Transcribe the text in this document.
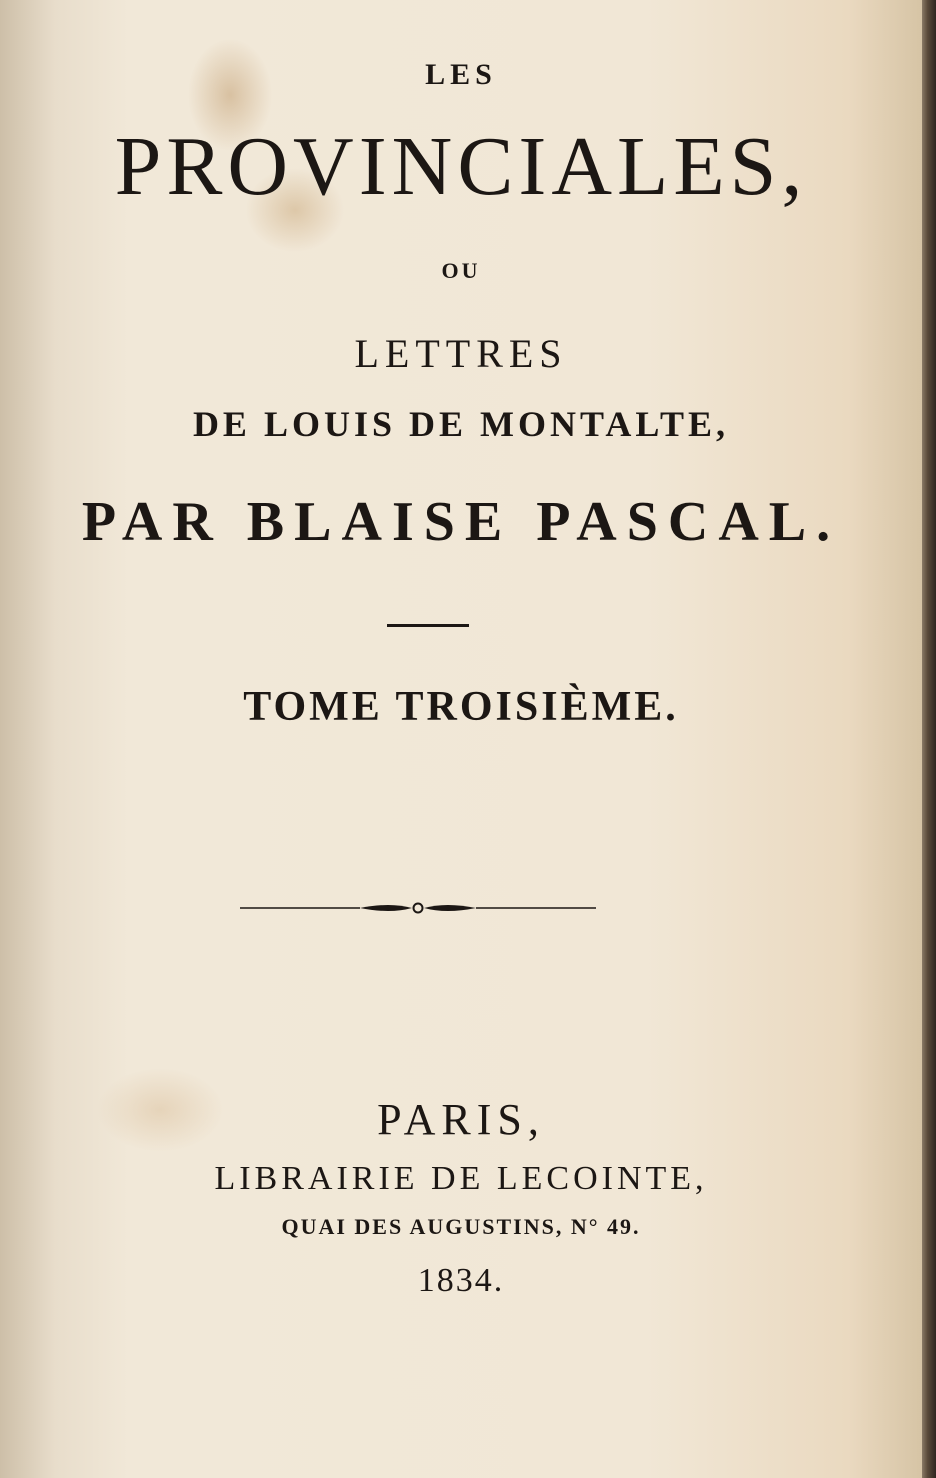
LES
PROVINCIALES,
OU
LETTRES
DE LOUIS DE MONTALTE,
PAR BLAISE PASCAL.
TOME TROISIÈME.
PARIS,
LIBRAIRIE DE LECOINTE,
QUAI DES AUGUSTINS, N° 49.
1834.
